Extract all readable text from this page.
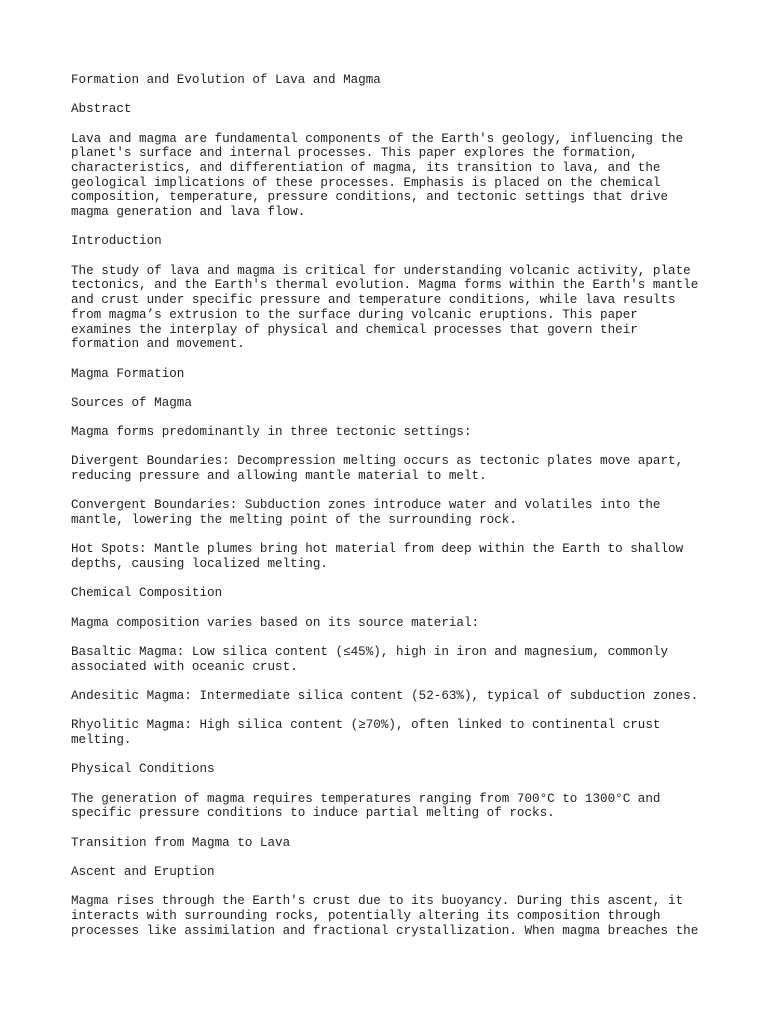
Formation and Evolution of Lava and Magma

Abstract

Lava and magma are fundamental components of the Earth's geology, influencing the
planet's surface and internal processes. This paper explores the formation,
characteristics, and differentiation of magma, its transition to lava, and the
geological implications of these processes. Emphasis is placed on the chemical
composition, temperature, pressure conditions, and tectonic settings that drive
magma generation and lava flow.

Introduction

The study of lava and magma is critical for understanding volcanic activity, plate
tectonics, and the Earth's thermal evolution. Magma forms within the Earth's mantle
and crust under specific pressure and temperature conditions, while lava results
from magma’s extrusion to the surface during volcanic eruptions. This paper
examines the interplay of physical and chemical processes that govern their
formation and movement.

Magma Formation

Sources of Magma

Magma forms predominantly in three tectonic settings:

Divergent Boundaries: Decompression melting occurs as tectonic plates move apart,
reducing pressure and allowing mantle material to melt.

Convergent Boundaries: Subduction zones introduce water and volatiles into the
mantle, lowering the melting point of the surrounding rock.

Hot Spots: Mantle plumes bring hot material from deep within the Earth to shallow
depths, causing localized melting.

Chemical Composition

Magma composition varies based on its source material:

Basaltic Magma: Low silica content (≤45%), high in iron and magnesium, commonly
associated with oceanic crust.

Andesitic Magma: Intermediate silica content (52-63%), typical of subduction zones.

Rhyolitic Magma: High silica content (≥70%), often linked to continental crust
melting.

Physical Conditions

The generation of magma requires temperatures ranging from 700°C to 1300°C and
specific pressure conditions to induce partial melting of rocks.

Transition from Magma to Lava

Ascent and Eruption

Magma rises through the Earth's crust due to its buoyancy. During this ascent, it
interacts with surrounding rocks, potentially altering its composition through
processes like assimilation and fractional crystallization. When magma breaches the
